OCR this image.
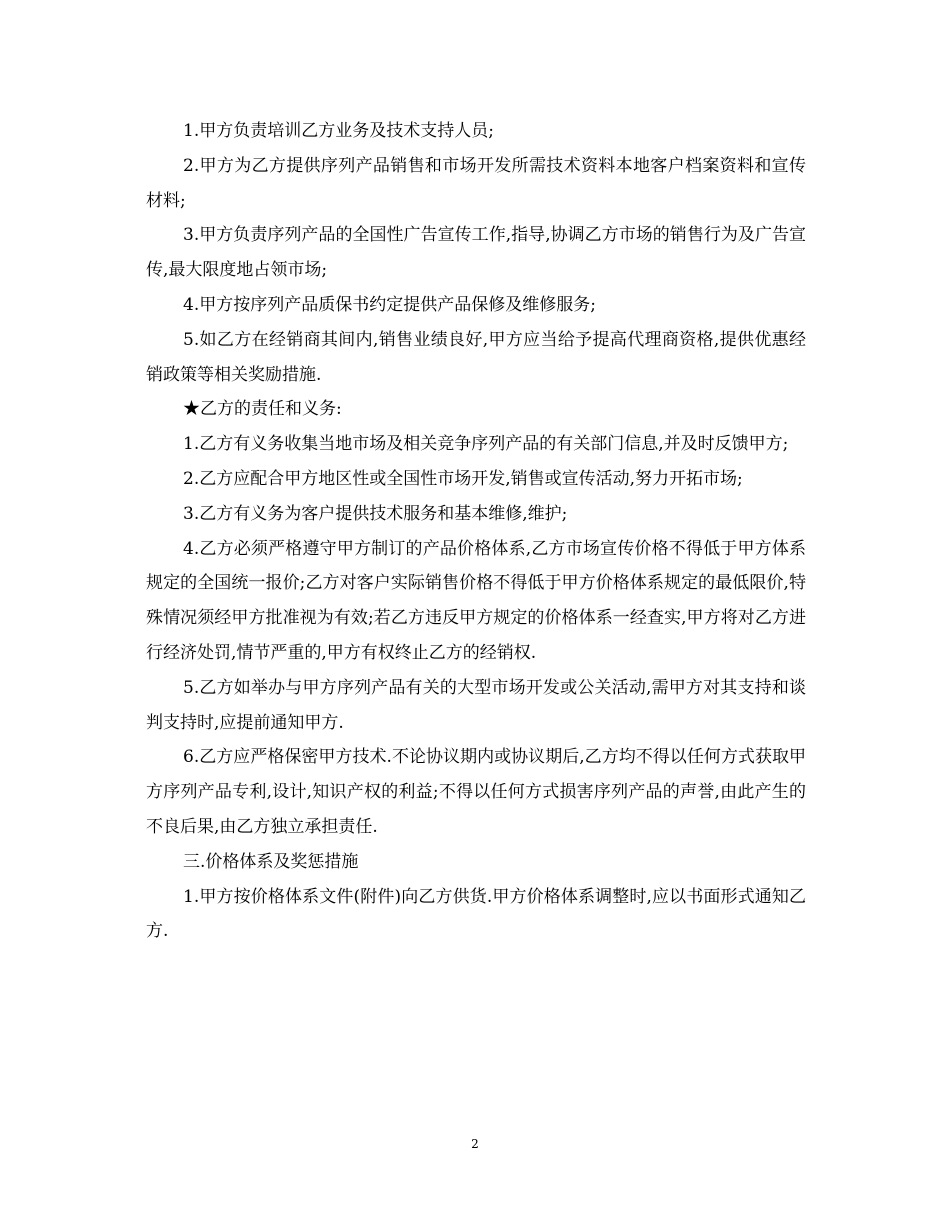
1.甲方负责培训乙方业务及技术支持人员;

2.甲方为乙方提供序列产品销售和市场开发所需技术资料本地客户档案资料和宣传材料;

3.甲方负责序列产品的全国性广告宣传工作,指导,协调乙方市场的销售行为及广告宣传,最大限度地占领市场;

4.甲方按序列产品质保书约定提供产品保修及维修服务;

5.如乙方在经销商其间内,销售业绩良好,甲方应当给予提高代理商资格,提供优惠经销政策等相关奖励措施.

★乙方的责任和义务:

1.乙方有义务收集当地市场及相关竞争序列产品的有关部门信息,并及时反馈甲方;

2.乙方应配合甲方地区性或全国性市场开发,销售或宣传活动,努力开拓市场;

3.乙方有义务为客户提供技术服务和基本维修,维护;

4.乙方必须严格遵守甲方制订的产品价格体系,乙方市场宣传价格不得低于甲方体系规定的全国统一报价;乙方对客户实际销售价格不得低于甲方价格体系规定的最低限价,特殊情况须经甲方批准视为有效;若乙方违反甲方规定的价格体系一经查实,甲方将对乙方进行经济处罚,情节严重的,甲方有权终止乙方的经销权.

5.乙方如举办与甲方序列产品有关的大型市场开发或公关活动,需甲方对其支持和谈判支持时,应提前通知甲方.

6.乙方应严格保密甲方技术.不论协议期内或协议期后,乙方均不得以任何方式获取甲方序列产品专利,设计,知识产权的利益;不得以任何方式损害序列产品的声誉,由此产生的不良后果,由乙方独立承担责任.

三.价格体系及奖惩措施

1.甲方按价格体系文件(附件)向乙方供货.甲方价格体系调整时,应以书面形式通知乙方.

2
